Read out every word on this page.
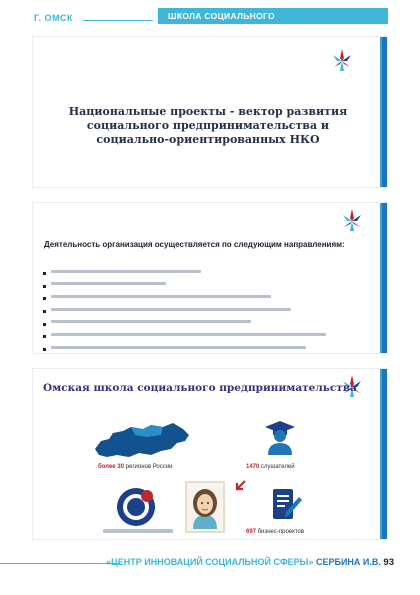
Г. ОМСК	ШКОЛА СОЦИАЛЬНОГО ПРЕДПРИНИМАТЕЛЬСТВА
Национальные проекты - вектор развития
социального предпринимательства и
социально-ориентированных НКО
Деятельность организация осуществляется по следующим направлениям:
Омская школа социального предпринимательства
более 30 регионов России	1470 слушателей
697 бизнес-проектов
«ЦЕНТР ИННОВАЦИЙ СОЦИАЛЬНОЙ СФЕРЫ» СЕРБИНА И.В. 93
